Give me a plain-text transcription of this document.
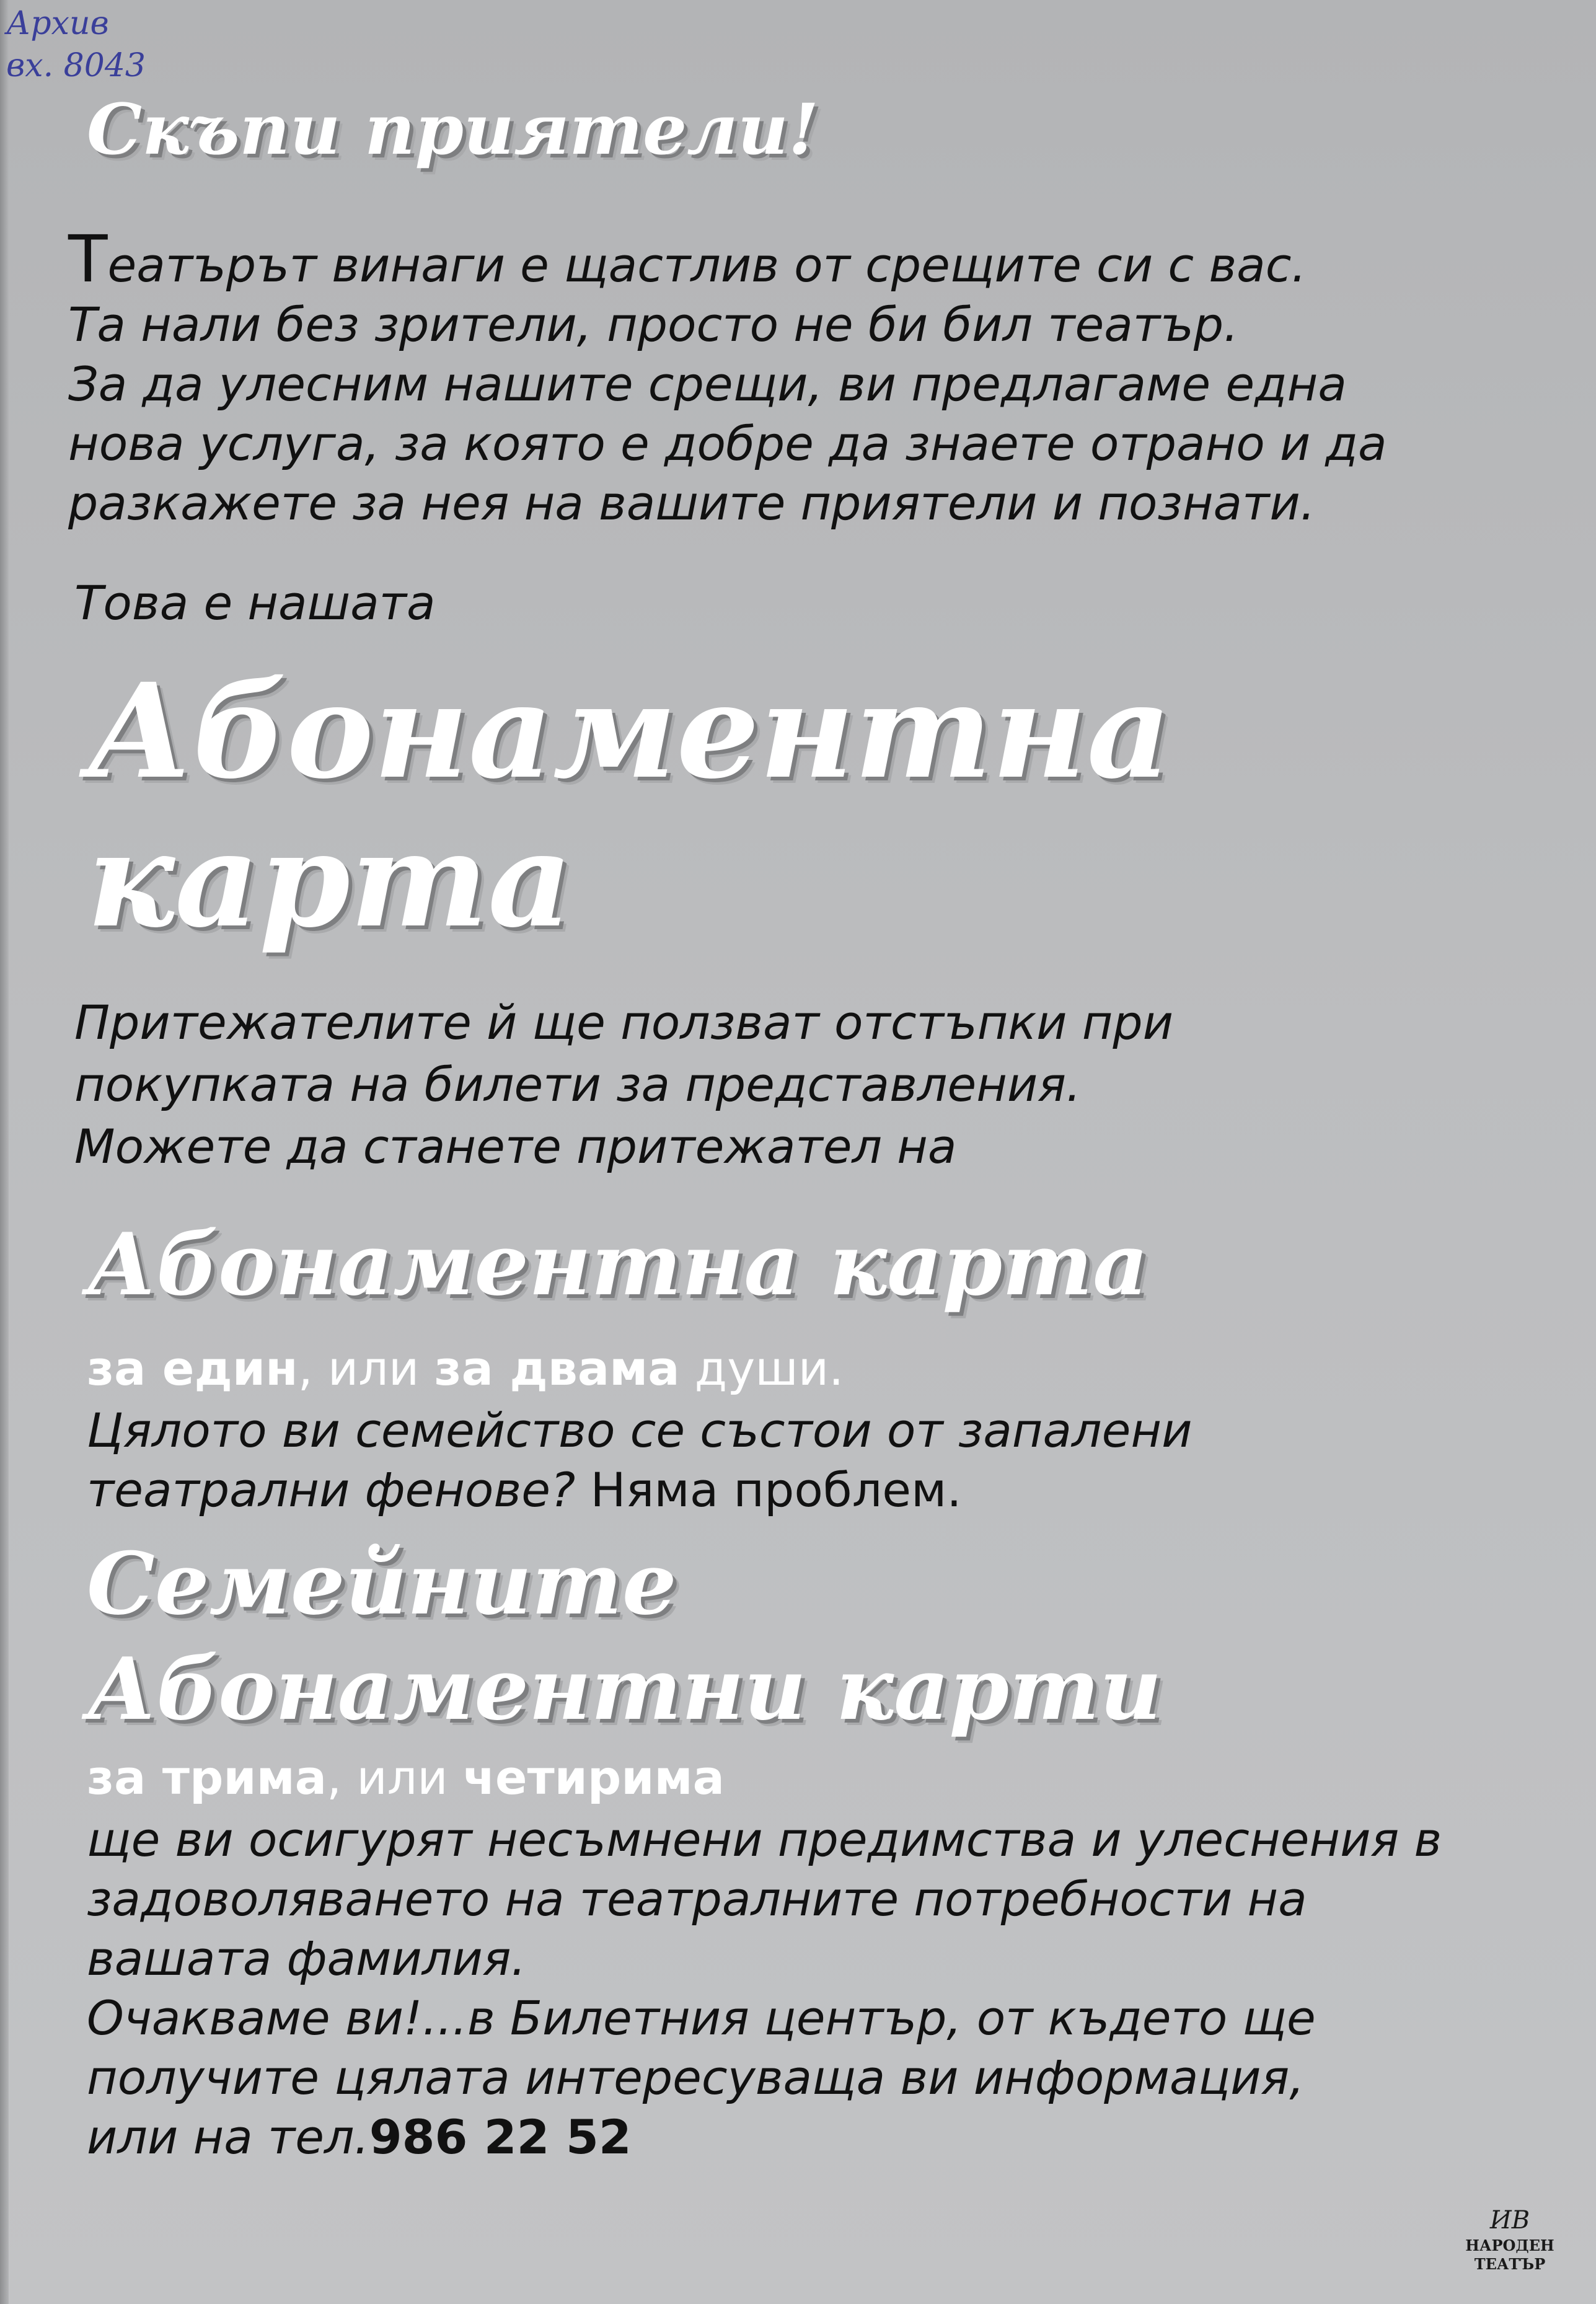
Архив
вх. 8043
Скъпи приятели!
Театърът винаги е щастлив от срещите си с вас.
Та нали без зрители, просто не би бил театър.
За да улесним нашите срещи, ви предлагаме една
нова услуга, за която е добре да знаете отрано и да
разкажете за нея на вашите приятели и познати.
Това е нашата
Абонаментна
карта
Притежателите й ще ползват отстъпки при
покупката на билети за представления.
Можете да станете притежател на
Абонаментна карта
за един, или за двама души.
Цялото ви семейство се състои от запалени
театрални фенове? Няма проблем.
Семейните
Абонаментни карти
за трима, или четирима
ще ви осигурят несъмнени предимства и улеснения в
задоволяването на театралните потребности на
вашата фамилия.
Очакваме ви!...в Билетния център, от където ще
получите цялата интересуваща ви информация,
или на тел.986 22 52
ИВ
НАРОДЕН
ТЕАТЪР
